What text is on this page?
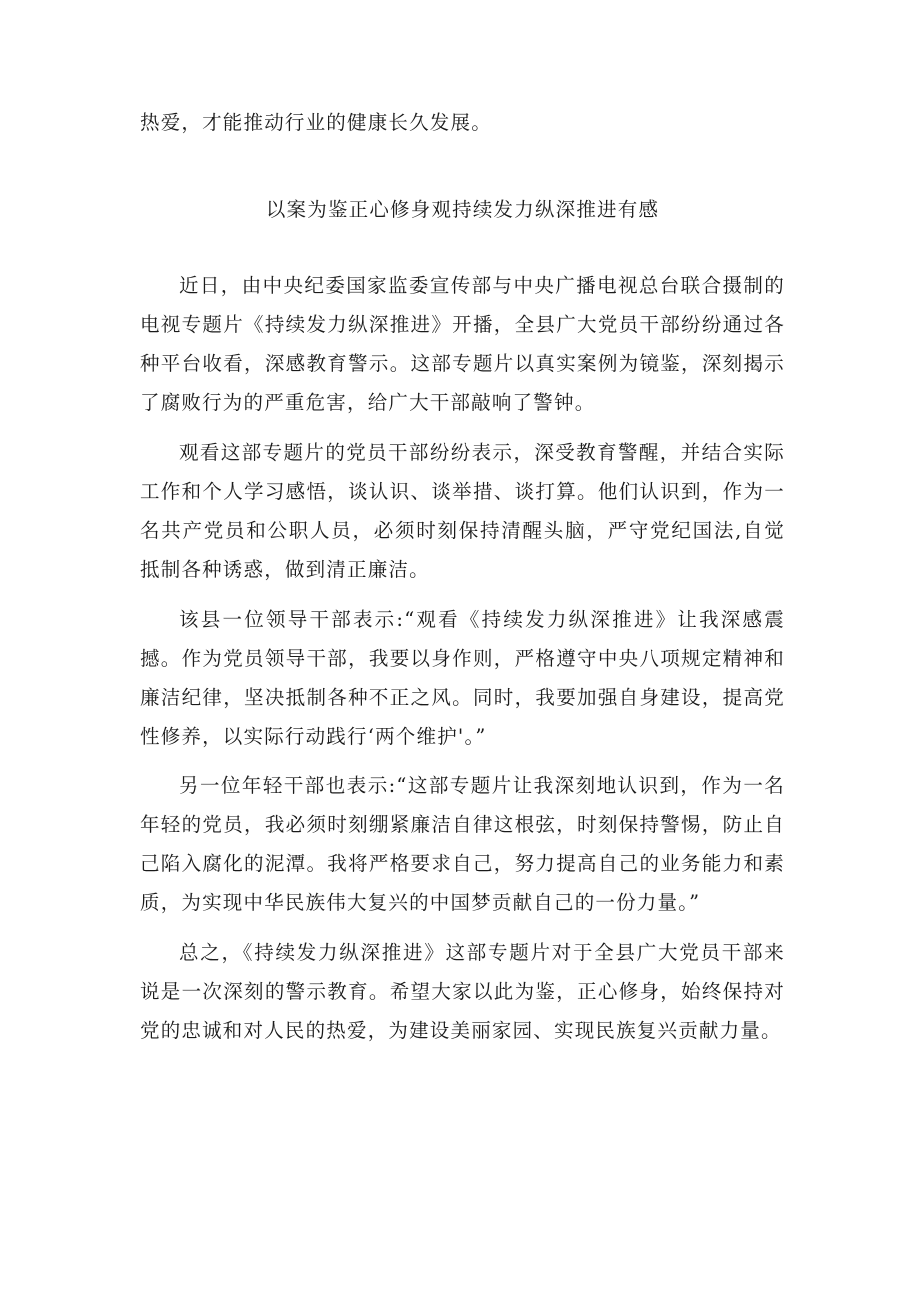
热爱，才能推动行业的健康长久发展。

以案为鉴正心修身观持续发力纵深推进有感

近日，由中央纪委国家监委宣传部与中央广播电视总台联合摄制的电视专题片《持续发力纵深推进》开播，全县广大党员干部纷纷通过各种平台收看，深感教育警示。这部专题片以真实案例为镜鉴，深刻揭示了腐败行为的严重危害，给广大干部敲响了警钟。

观看这部专题片的党员干部纷纷表示，深受教育警醒，并结合实际工作和个人学习感悟，谈认识、谈举措、谈打算。他们认识到，作为一名共产党员和公职人员，必须时刻保持清醒头脑，严守党纪国法,自觉抵制各种诱惑，做到清正廉洁。

该县一位领导干部表示:“观看《持续发力纵深推进》让我深感震撼。作为党员领导干部，我要以身作则，严格遵守中央八项规定精神和廉洁纪律，坚决抵制各种不正之风。同时，我要加强自身建设，提高党性修养，以实际行动践行‘两个维护'。”

另一位年轻干部也表示:“这部专题片让我深刻地认识到，作为一名年轻的党员，我必须时刻绷紧廉洁自律这根弦，时刻保持警惕，防止自己陷入腐化的泥潭。我将严格要求自己，努力提高自己的业务能力和素质，为实现中华民族伟大复兴的中国梦贡献自己的一份力量。”

总之，《持续发力纵深推进》这部专题片对于全县广大党员干部来说是一次深刻的警示教育。希望大家以此为鉴，正心修身，始终保持对党的忠诚和对人民的热爱，为建设美丽家园、实现民族复兴贡献力量。
